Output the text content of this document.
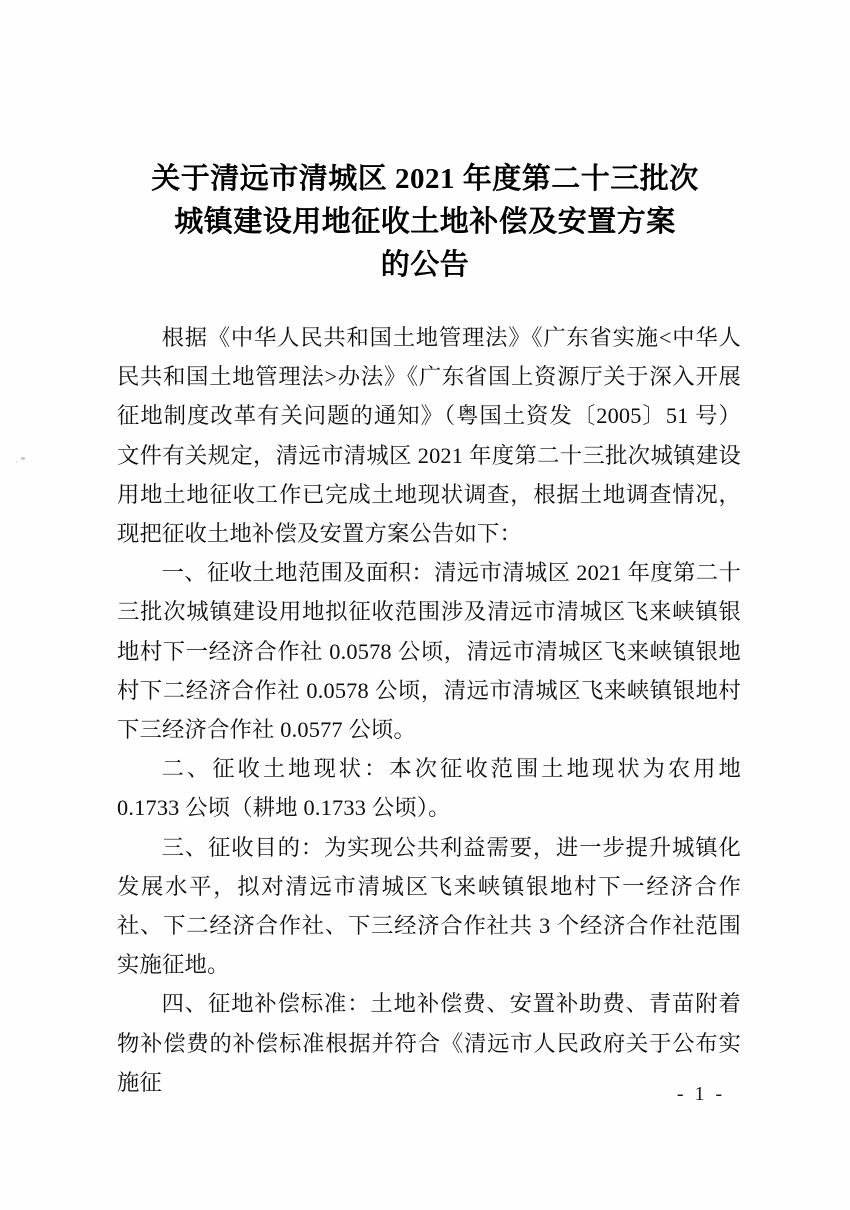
关于清远市清城区 2021 年度第二十三批次
城镇建设用地征收土地补偿及安置方案
的公告

根据《中华人民共和国土地管理法》《广东省实施<中华人民共和国土地管理法>办法》《广东省国上资源厅关于深入开展征地制度改革有关问题的通知》（粤国土资发〔2005〕51 号）文件有关规定，清远市清城区 2021 年度第二十三批次城镇建设用地土地征收工作已完成土地现状调查，根据土地调查情况，现把征收土地补偿及安置方案公告如下：

一、征收土地范围及面积：清远市清城区 2021 年度第二十三批次城镇建设用地拟征收范围涉及清远市清城区飞来峡镇银地村下一经济合作社 0.0578 公顷，清远市清城区飞来峡镇银地村下二经济合作社 0.0578 公顷，清远市清城区飞来峡镇银地村下三经济合作社 0.0577 公顷。

二、征收土地现状：本次征收范围土地现状为农用地 0.1733 公顷（耕地 0.1733 公顷）。

三、征收目的：为实现公共利益需要，进一步提升城镇化发展水平，拟对清远市清城区飞来峡镇银地村下一经济合作社、下二经济合作社、下三经济合作社共 3 个经济合作社范围实施征地。

四、征地补偿标准：土地补偿费、安置补助费、青苗附着物补偿费的补偿标准根据并符合《清远市人民政府关于公布实施征	- 1 -
